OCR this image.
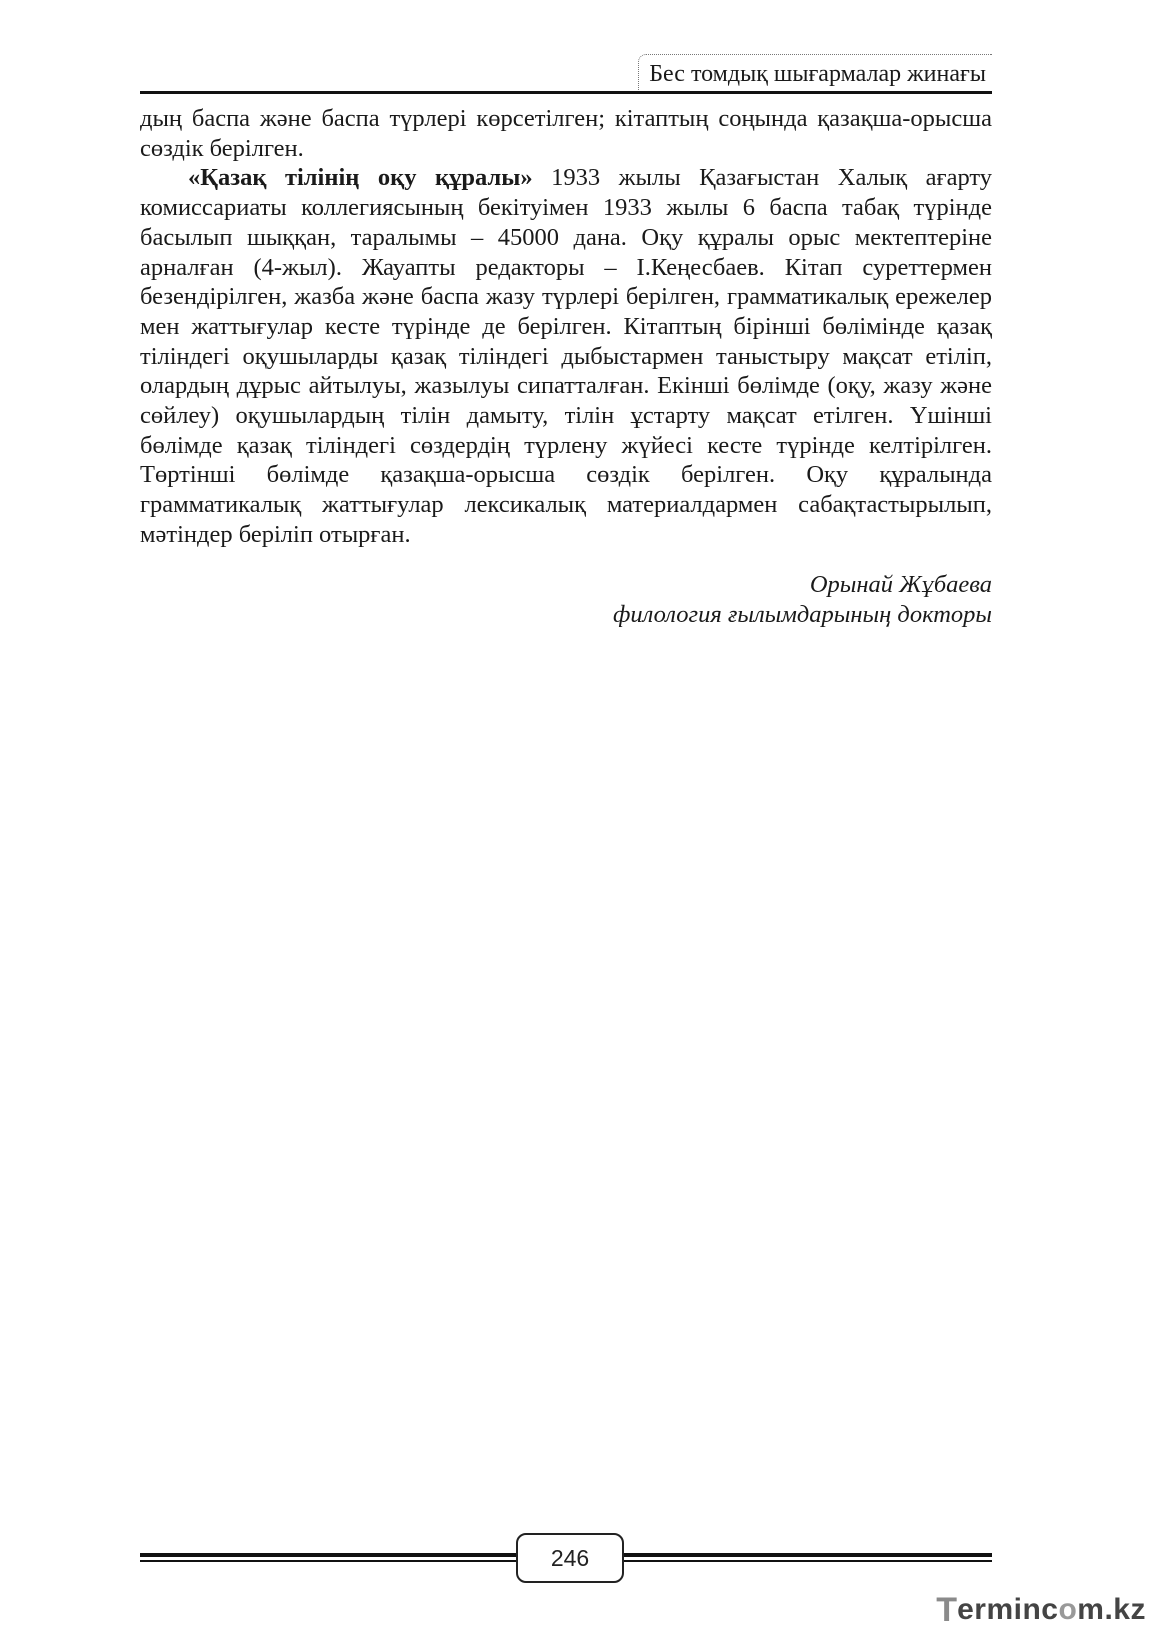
Бес томдық шығармалар жинағы

дың баспа және баспа түрлері көрсетілген; кітаптың соңында қазақша-орысша сөздік берілген.

«Қазақ тілінің оқу құралы» 1933 жылы Қазағыстан Халық ағарту комиссариаты коллегиясының бекітуімен 1933 жылы 6 баспа табақ түрінде басылып шыққан, таралымы – 45000 дана. Оқу құралы орыс мектептеріне арналған (4-жыл). Жауапты редакторы – І.Кеңесбаев. Кітап суреттермен безендірілген, жазба және баспа жазу түрлері берілген, грамматикалық ережелер мен жаттығулар кесте түрінде де берілген. Кітаптың бірінші бөлімінде қазақ тіліндегі оқушыларды қазақ тіліндегі дыбыстармен таныстыру мақсат етіліп, олардың дұрыс айтылуы, жазылуы сипатталған. Екінші бөлімде (оқу, жазу және сөйлеу) оқушылардың тілін дамыту, тілін ұстарту мақсат етілген. Үшінші бөлімде қазақ тіліндегі сөздердің түрлену жүйесі кесте түрінде келтірілген. Төртінші бөлімде қазақша-орысша сөздік берілген. Оқу құралында грамматикалық жаттығулар лексикалық материалдармен сабақтастырылып, мәтіндер беріліп отырған.

Орынай Жұбаева
филология ғылымдарының докторы
246
T erminc o m.kz
